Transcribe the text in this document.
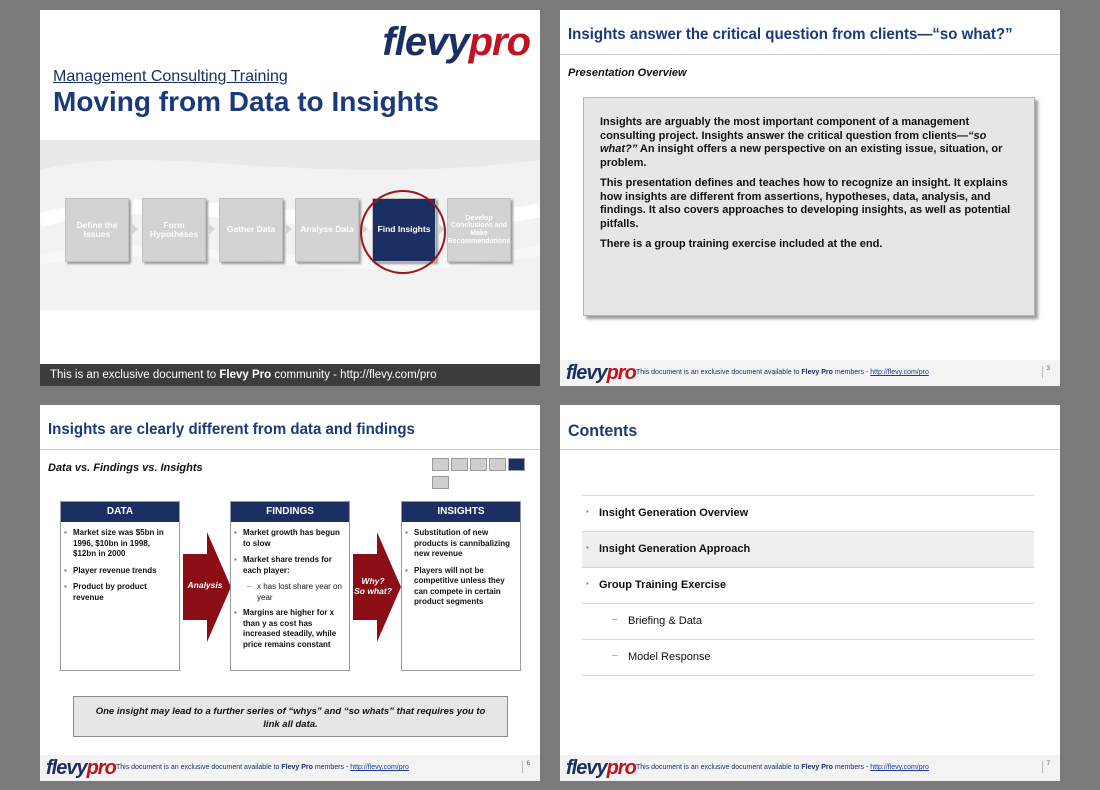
flevypro
Management Consulting Training
Moving from Data to Insights
Define the Issues
Form Hypotheses	Gather Data	Analyse Data	Find Insights
Develop Conclusions and Make Recommendations
This is an exclusive document to Flevy Pro community - http://flevy.com/pro
Insights answer the critical question from clients—“so what?”
Presentation Overview

Insights are arguably the most important component of a management consulting project. Insights answer the critical question from clients—“so what?” An insight offers a new perspective on an existing issue, situation, or problem.

This presentation defines and teaches how to recognize an insight. It explains how insights are different from assertions, hypotheses, data, analysis, and findings. It also covers approaches to developing insights, as well as potential pitfalls.

There is a group training exercise included at the end.

flevypro This document is an exclusive document available to Flevy Pro members - http://flevy.com/pro	3
Insights are clearly different from data and findings
Data vs. Findings vs. Insights
DATA
▪ Market size was $5bn in 1996, $10bn in 1998, $12bn in 2000
▪ Player revenue trends
▪ Product by product revenue
Analysis
FINDINGS
▪ Market growth has begun to slow
▪ Market share trends for each player:
– x has lost share year on year
▪ Margins are higher for x than y as cost has increased steadily, while price remains constant
Why?
So what?
INSIGHTS
▪ Substitution of new products is cannibalizing new revenue
▪ Players will not be competitive unless they can compete in certain product segments
One insight may lead to a further series of “whys” and “so whats” that requires you to link all data.
flevypro This document is an exclusive document available to Flevy Pro members - http://flevy.com/pro	6
Contents
▪ Insight Generation Overview
▪ Insight Generation Approach
▪ Group Training Exercise
– Briefing & Data
– Model Response
flevypro This document is an exclusive document available to Flevy Pro members - http://flevy.com/pro	7
